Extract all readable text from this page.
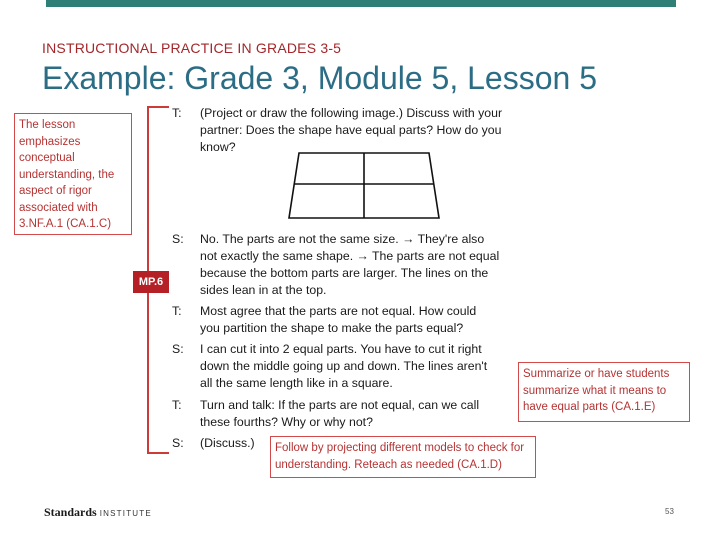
INSTRUCTIONAL PRACTICE IN GRADES 3-5
Example: Grade 3, Module 5, Lesson 5
The lesson emphasizes conceptual understanding, the aspect of rigor associated with 3.NF.A.1 (CA.1.C)
MP.6
T:	(Project or draw the following image.) Discuss with your
partner: Does the shape have equal parts? How do you know?
S:	No. The parts are not the same size. → They're also
not exactly the same shape. → The parts are not equal
because the bottom parts are larger. The lines on the
sides lean in at the top.
T:	Most agree that the parts are not equal. How could
you partition the shape to make the parts equal?
S:	I can cut it into 2 equal parts. You have to cut it right
down the middle going up and down. The lines aren't
all the same length like in a square.
T:	Turn and talk: If the parts are not equal, can we call
these fourths? Why or why not?
S:	(Discuss.)
Summarize or have students summarize what it means to have equal parts (CA.1.E)
Follow by projecting different models to check for understanding. Reteach as needed (CA.1.D)
Standards INSTITUTE	53
